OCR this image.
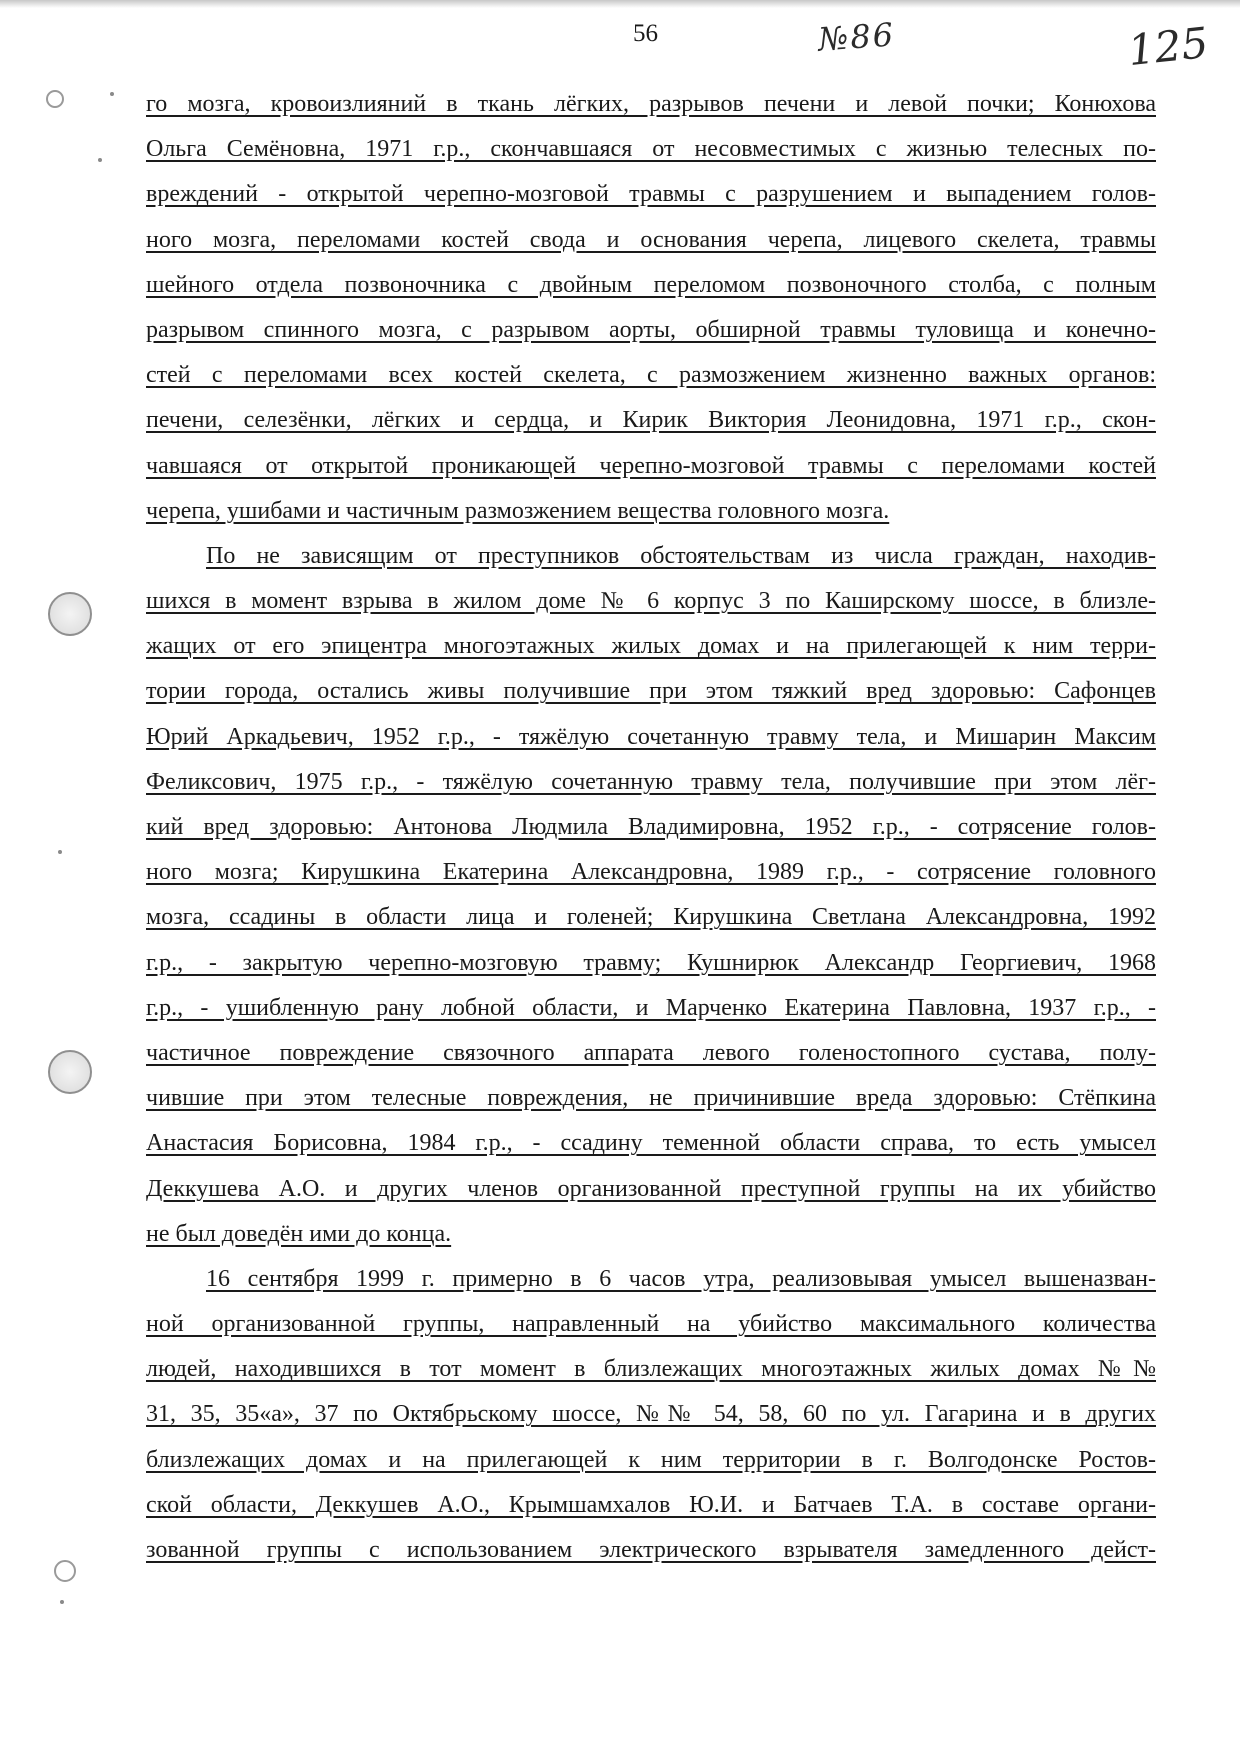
56	№86	125
го мозга, кровоизлияний в ткань лёгких, разрывов печени и левой почки; Конюхова
Ольга Семёновна, 1971 г.р., скончавшаяся от несовместимых с жизнью телесных по-
вреждений - открытой черепно-мозговой травмы с разрушением и выпадением голов-
ного мозга, переломами костей свода и основания черепа, лицевого скелета, травмы
шейного отдела позвоночника с двойным переломом позвоночного столба, с полным
разрывом спинного мозга, с разрывом аорты, обширной травмы туловища и конечно-
стей с переломами всех костей скелета, с размозжением жизненно важных органов:
печени, селезёнки, лёгких и сердца, и Кирик Виктория Леонидовна, 1971 г.р., скон-
чавшаяся от открытой проникающей черепно-мозговой травмы с переломами костей
черепа, ушибами и частичным размозжением вещества головного мозга.
По не зависящим от преступников обстоятельствам из числа граждан, находив-
шихся в момент взрыва в жилом доме № 6 корпус 3 по Каширскому шоссе, в близле-
жащих от его эпицентра многоэтажных жилых домах и на прилегающей к ним терри-
тории города, остались живы получившие при этом тяжкий вред здоровью: Сафонцев
Юрий Аркадьевич, 1952 г.р., - тяжёлую сочетанную травму тела, и Мишарин Максим
Феликсович, 1975 г.р., - тяжёлую сочетанную травму тела, получившие при этом лёг-
кий вред здоровью: Антонова Людмила Владимировна, 1952 г.р., - сотрясение голов-
ного мозга; Кирушкина Екатерина Александровна, 1989 г.р., - сотрясение головного
мозга, ссадины в области лица и голеней; Кирушкина Светлана Александровна, 1992
г.р., - закрытую черепно-мозговую травму; Кушнирюк Александр Георгиевич, 1968
г.р., - ушибленную рану лобной области, и Марченко Екатерина Павловна, 1937 г.р., -
частичное повреждение связочного аппарата левого голеностопного сустава, полу-
чившие при этом телесные повреждения, не причинившие вреда здоровью: Стёпкина
Анастасия Борисовна, 1984 г.р., - ссадину теменной области справа, то есть умысел
Деккушева А.О. и других членов организованной преступной группы на их убийство
не был доведён ими до конца.
16 сентября 1999 г. примерно в 6 часов утра, реализовывая умысел вышеназван-
ной организованной группы, направленный на убийство максимального количества
людей, находившихся в тот момент в близлежащих многоэтажных жилых домах №№
31, 35, 35«а», 37 по Октябрьскому шоссе, №№ 54, 58, 60 по ул. Гагарина и в других
близлежащих домах и на прилегающей к ним территории в г. Волгодонске Ростов-
ской области, Деккушев А.О., Крымшамхалов Ю.И. и Батчаев Т.А. в составе органи-
зованной группы с использованием электрического взрывателя замедленного дейст-
